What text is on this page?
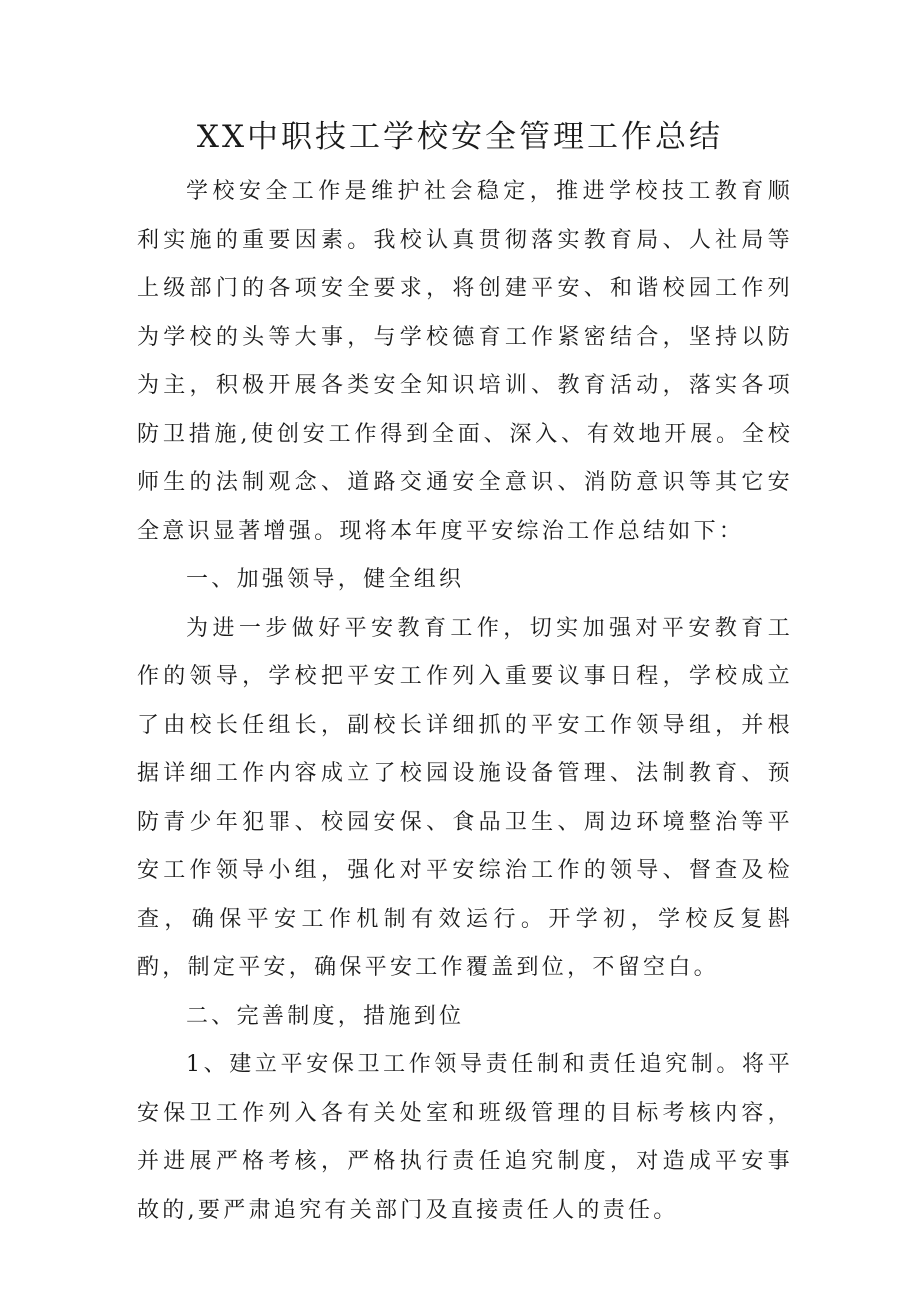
XX中职技工学校安全管理工作总结

学校安全工作是维护社会稳定，推进学校技工教育顺利实施的重要因素。我校认真贯彻落实教育局、人社局等上级部门的各项安全要求，将创建平安、和谐校园工作列为学校的头等大事，与学校德育工作紧密结合，坚持以防为主，积极开展各类安全知识培训、教育活动，落实各项防卫措施,使创安工作得到全面、深入、有效地开展。全校师生的法制观念、道路交通安全意识、消防意识等其它安全意识显著增强。现将本年度平安综治工作总结如下：

一、加强领导，健全组织

为进一步做好平安教育工作，切实加强对平安教育工作的领导，学校把平安工作列入重要议事日程，学校成立了由校长任组长，副校长详细抓的平安工作领导组，并根据详细工作内容成立了校园设施设备管理、法制教育、预防青少年犯罪、校园安保、食品卫生、周边环境整治等平安工作领导小组，强化对平安综治工作的领导、督查及检查，确保平安工作机制有效运行。开学初，学校反复斟酌，制定平安，确保平安工作覆盖到位，不留空白。

二、完善制度，措施到位

1、建立平安保卫工作领导责任制和责任追究制。将平安保卫工作列入各有关处室和班级管理的目标考核内容，并进展严格考核，严格执行责任追究制度，对造成平安事故的,要严肃追究有关部门及直接责任人的责任。
